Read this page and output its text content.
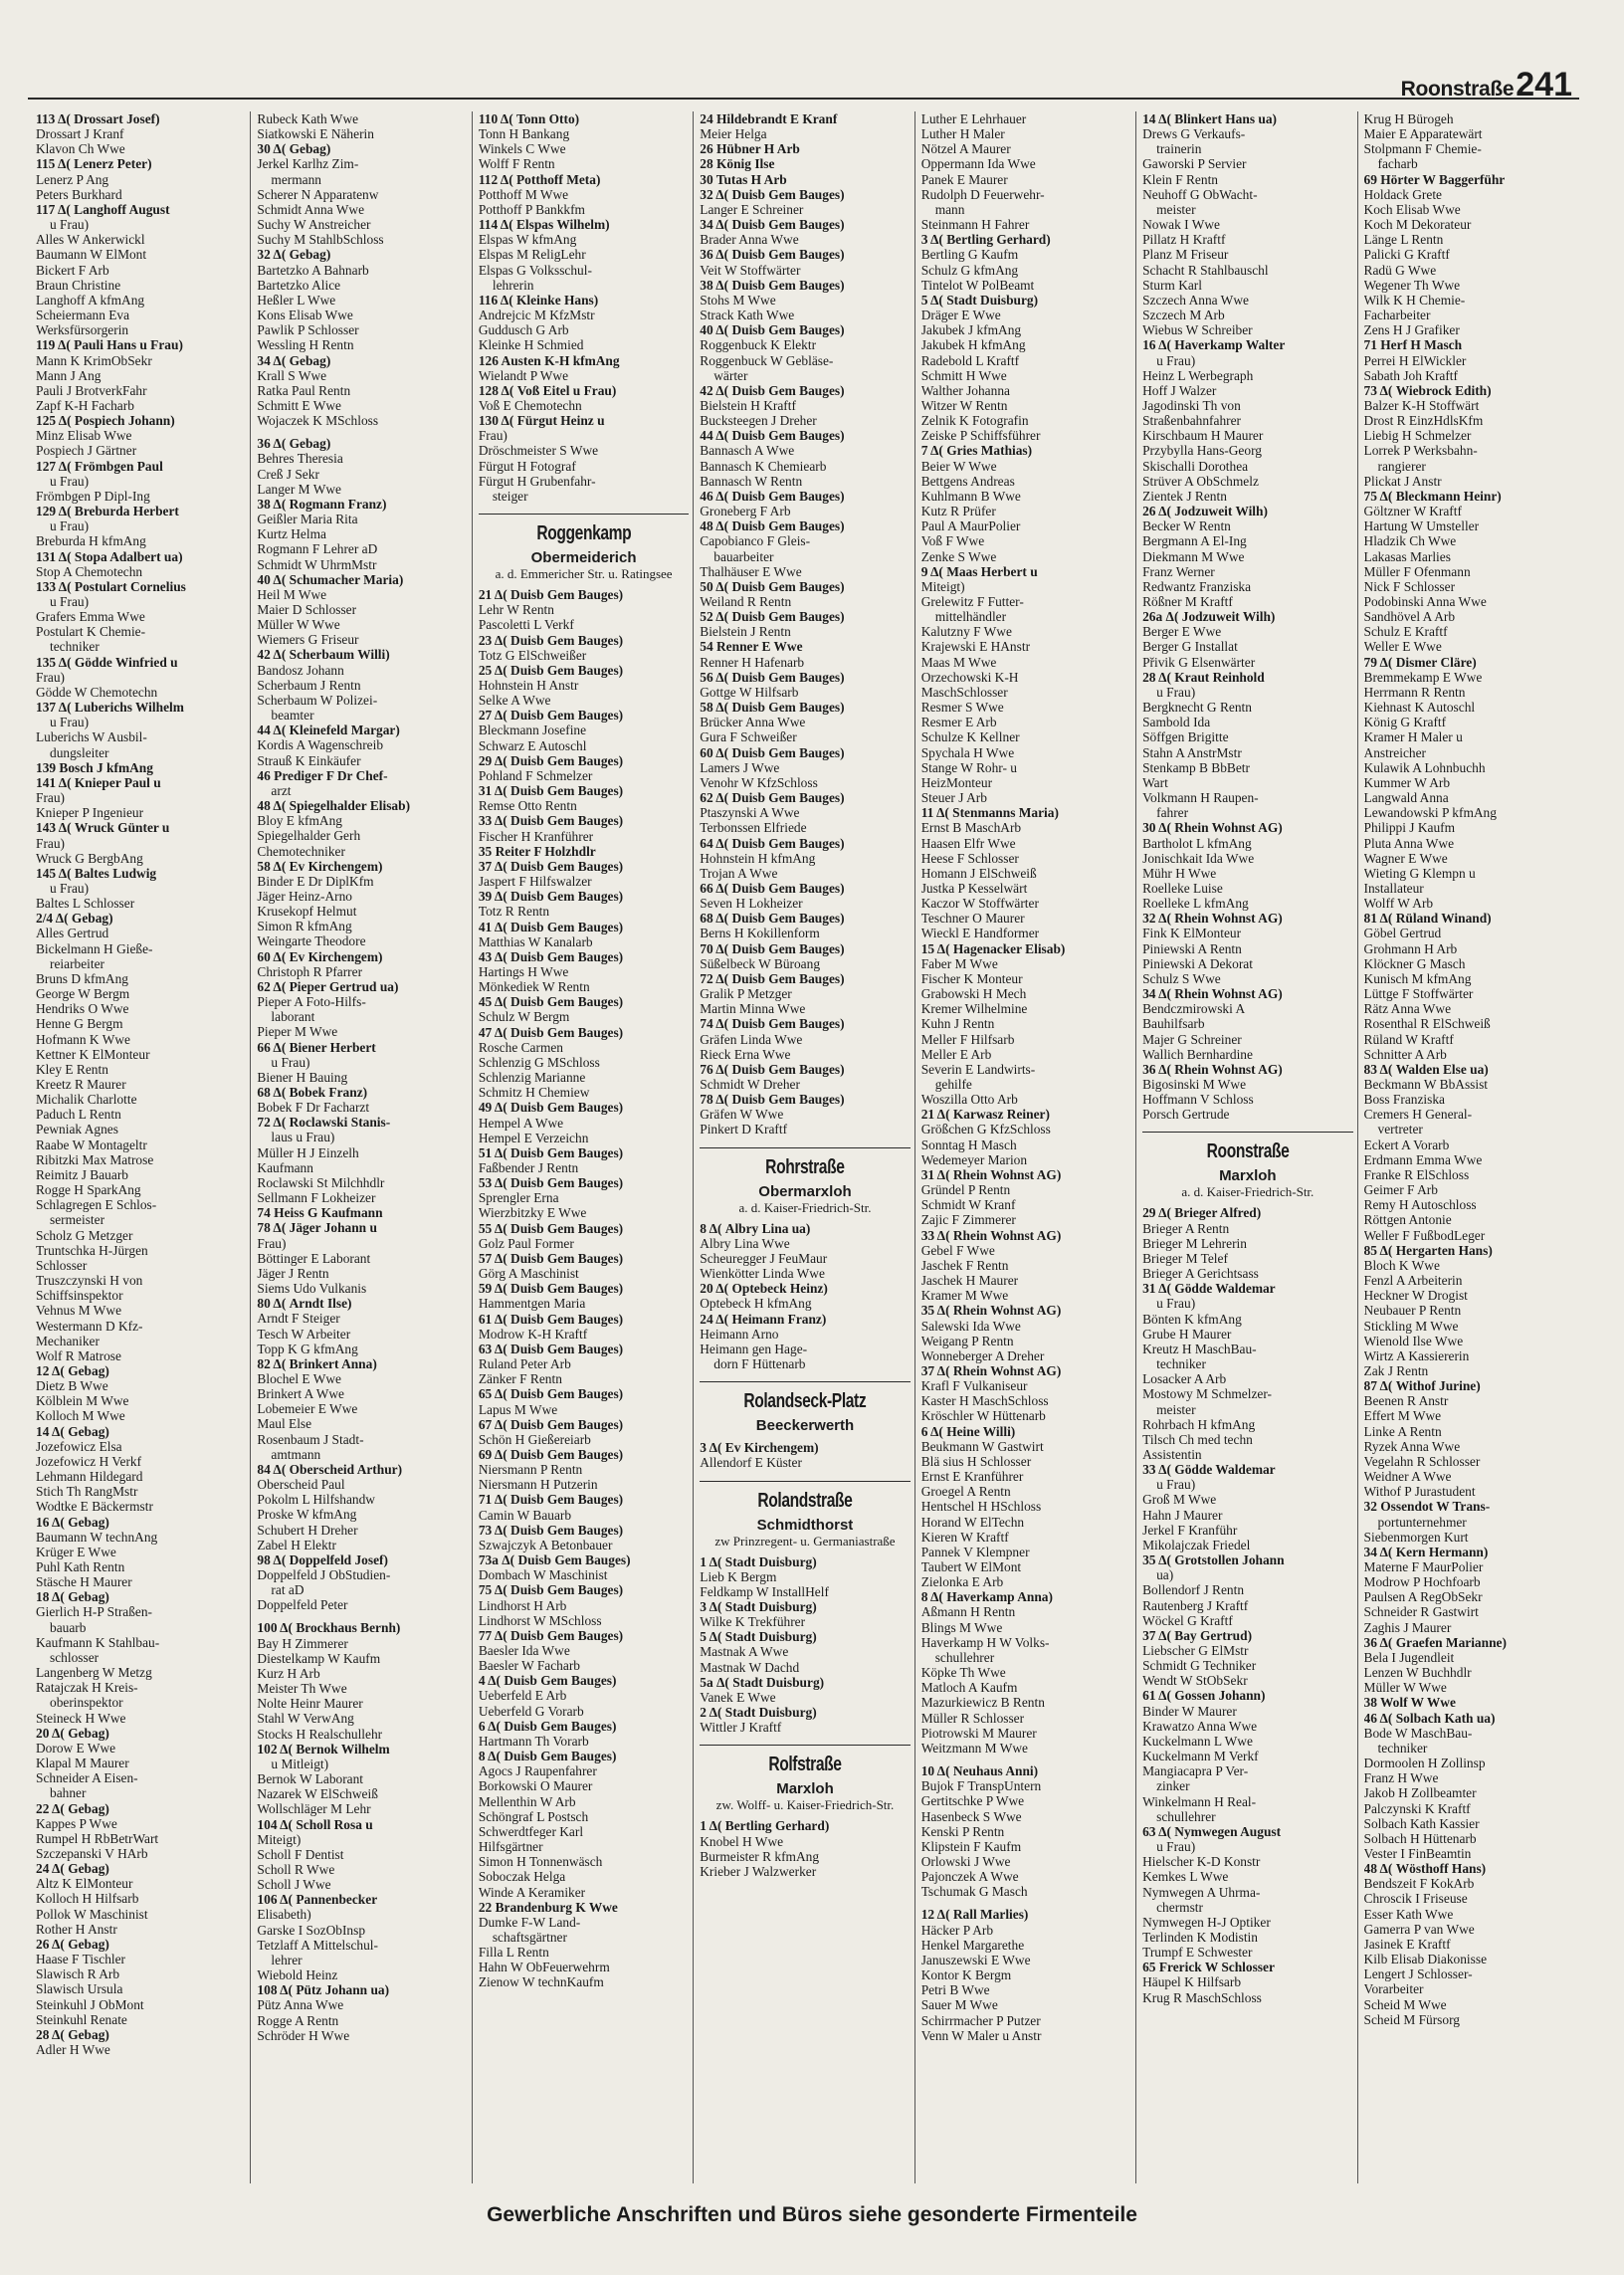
Roonstraße241
113 Δ( Drossart Josef)
Drossart J Kranf
Klavon Ch Wwe
115 Δ( Lenerz Peter)
Lenerz P Ang
Peters Burkhard
117 Δ( Langhoff August
u Frau)
Alles W Ankerwickl
Baumann W ElMont
Bickert F Arb
Braun Christine
Langhoff A kfmAng
Scheiermann Eva
Werksfürsorgerin
119 Δ( Pauli Hans u Frau)
Mann K KrimObSekr
Mann J Ang
Pauli J BrotverkFahr
Zapf K-H Facharb
125 Δ( Pospiech Johann)
Minz Elisab Wwe
Pospiech J Gärtner
127 Δ( Frömbgen Paul
u Frau)
Frömbgen P Dipl-Ing
129 Δ( Breburda Herbert
u Frau)
Breburda H kfmAng
131 Δ( Stopa Adalbert ua)
Stop A Chemotechn
133 Δ( Postulart Cornelius
u Frau)
Grafers Emma Wwe
Postulart K Chemie-
techniker
135 Δ( Gödde Winfried u
Frau)
Gödde W Chemotechn
137 Δ( Luberichs Wilhelm
u Frau)
Luberichs W Ausbil-
dungsleiter
139 Bosch J kfmAng
141 Δ( Knieper Paul u
Frau)
Knieper P Ingenieur
143 Δ( Wruck Günter u
Frau)
Wruck G BergbAng
145 Δ( Baltes Ludwig
u Frau)
Baltes L Schlosser
2/4 Δ( Gebag)
Alles Gertrud
Bickelmann H Gieße-
reiarbeiter
Bruns D kfmAng
George W Bergm
Hendriks O Wwe
Henne G Bergm
Hofmann K Wwe
Kettner K ElMonteur
Kley E Rentn
Kreetz R Maurer
Michalik Charlotte
Paduch L Rentn
Pewniak Agnes
Raabe W Montageltr
Ribitzki Max Matrose
Reimitz J Bauarb
Rogge H SparkAng
Schlagregen E Schlos-
sermeister
Scholz G Metzger
Truntschka H-Jürgen
Schlosser
Truszczynski H von
Schiffsinspektor
Vehnus M Wwe
Westermann D Kfz-
Mechaniker
Wolf R Matrose
12 Δ( Gebag)
Dietz B Wwe
Kölblein M Wwe
Kolloch M Wwe
14 Δ( Gebag)
Jozefowicz Elsa
Jozefowicz H Verkf
Lehmann Hildegard
Stich Th RangMstr
Wodtke E Bäckermstr
16 Δ( Gebag)
Baumann W technAng
Krüger E Wwe
Puhl Kath Rentn
Stäsche H Maurer
18 Δ( Gebag)
Gierlich H-P Straßen-
bauarb
Kaufmann K Stahlbau-
schlosser
Langenberg W Metzg
Ratajczak H Kreis-
oberinspektor
Steineck H Wwe
20 Δ( Gebag)
Dorow E Wwe
Klapal M Maurer
Schneider A Eisen-
bahner
22 Δ( Gebag)
Kappes P Wwe
Rumpel H RbBetrWart
Szczepanski V HArb
24 Δ( Gebag)
Altz K ElMonteur
Kolloch H Hilfsarb
Pollok W Maschinist
Rother H Anstr
26 Δ( Gebag)
Haase F Tischler
Slawisch R Arb
Slawisch Ursula
Steinkuhl J ObMont
Steinkuhl Renate
28 Δ( Gebag)
Adler H Wwe
Rubeck Kath Wwe
Siatkowski E Näherin
30 Δ( Gebag)
Jerkel Karlhz Zim-
mermann
Scherer N Apparatenw
Schmidt Anna Wwe
Suchy W Anstreicher
Suchy M StahlbSchloss
32 Δ( Gebag)
Bartetzko A Bahnarb
Bartetzko Alice
Heßler L Wwe
Kons Elisab Wwe
Pawlik P Schlosser
Wessling H Rentn
34 Δ( Gebag)
Krall S Wwe
Ratka Paul Rentn
Schmitt E Wwe
Wojaczek K MSchloss
36 Δ( Gebag)
Behres Theresia
Creß J Sekr
Langer M Wwe
38 Δ( Rogmann Franz)
Geißler Maria Rita
Kurtz Helma
Rogmann F Lehrer aD
Schmidt W UhrmMstr
40 Δ( Schumacher Maria)
Heil M Wwe
Maier D Schlosser
Müller W Wwe
Wiemers G Friseur
42 Δ( Scherbaum Willi)
Bandosz Johann
Scherbaum J Rentn
Scherbaum W Polizei-
beamter
44 Δ( Kleinefeld Margar)
Kordis A Wagenschreib
Strauß K Einkäufer
46 Prediger F Dr Chef-
arzt
48 Δ( Spiegelhalder Elisab)
Bloy E kfmAng
Spiegelhalder Gerh
Chemotechniker
58 Δ( Ev Kirchengem)
Binder E Dr DiplKfm
Jäger Heinz-Arno
Krusekopf Helmut
Simon R kfmAng
Weingarte Theodore
60 Δ( Ev Kirchengem)
Christoph R Pfarrer
62 Δ( Pieper Gertrud ua)
Pieper A Foto-Hilfs-
laborant
Pieper M Wwe
66 Δ( Biener Herbert
u Frau)
Biener H Bauing
68 Δ( Bobek Franz)
Bobek F Dr Facharzt
72 Δ( Roclawski Stanis-
laus u Frau)
Müller H J Einzelh
Kaufmann
Roclawski St Milchhdlr
Sellmann F Lokheizer
74 Heiss G Kaufmann
78 Δ( Jäger Johann u
Frau)
Böttinger E Laborant
Jäger J Rentn
Siems Udo Vulkanis
80 Δ( Arndt Ilse)
Arndt F Steiger
Tesch W Arbeiter
Topp K G kfmAng
82 Δ( Brinkert Anna)
Blochel E Wwe
Brinkert A Wwe
Lobemeier E Wwe
Maul Else
Rosenbaum J Stadt-
amtmann
84 Δ( Oberscheid Arthur)
Oberscheid Paul
Pokolm L Hilfshandw
Proske W kfmAng
Schubert H Dreher
Zabel H Elektr
98 Δ( Doppelfeld Josef)
Doppelfeld J ObStudien-
rat aD
Doppelfeld Peter
100 Δ( Brockhaus Bernh)
Bay H Zimmerer
Diestelkamp W Kaufm
Kurz H Arb
Meister Th Wwe
Nolte Heinr Maurer
Stahl W VerwAng
Stocks H Realschullehr
102 Δ( Bernok Wilhelm
u Mitleigt)
Bernok W Laborant
Nazarek W ElSchweiß
Wollschläger M Lehr
104 Δ( Scholl Rosa u
Miteigt)
Scholl F Dentist
Scholl R Wwe
Scholl J Wwe
106 Δ( Pannenbecker
Elisabeth)
Garske I SozObInsp
Tetzlaff A Mittelschul-
lehrer
Wiebold Heinz
108 Δ( Pütz Johann ua)
Pütz Anna Wwe
Rogge A Rentn
Schröder H Wwe
110 Δ( Tonn Otto)
Tonn H Bankang
Winkels C Wwe
Wolff F Rentn
112 Δ( Potthoff Meta)
Potthoff M Wwe
Potthoff P Bankkfm
114 Δ( Elspas Wilhelm)
Elspas W kfmAng
Elspas M ReligLehr
Elspas G Volksschul-
lehrerin
116 Δ( Kleinke Hans)
Andrejcic M KfzMstr
Guddusch G Arb
Kleinke H Schmied
126 Austen K-H kfmAng
Wielandt P Wwe
128 Δ( Voß Eitel u Frau)
Voß E Chemotechn
130 Δ( Fürgut Heinz u
Frau)
Dröschmeister S Wwe
Fürgut H Fotograf
Fürgut H Grubenfahr-
steiger
Roggenkamp
Obermeiderich
a. d. Emmericher Str. u. Ratingsee
21 Δ( Duisb Gem Bauges)
Lehr W Rentn
Pascoletti L Verkf
23 Δ( Duisb Gem Bauges)
Totz G ElSchweißer
25 Δ( Duisb Gem Bauges)
Hohnstein H Anstr
Selke A Wwe
27 Δ( Duisb Gem Bauges)
Bleckmann Josefine
Schwarz E Autoschl
29 Δ( Duisb Gem Bauges)
Pohland F Schmelzer
31 Δ( Duisb Gem Bauges)
Remse Otto Rentn
33 Δ( Duisb Gem Bauges)
Fischer H Kranführer
35 Reiter F Holzhdlr
37 Δ( Duisb Gem Bauges)
Jaspert F Hilfswalzer
39 Δ( Duisb Gem Bauges)
Totz R Rentn
41 Δ( Duisb Gem Bauges)
Matthias W Kanalarb
43 Δ( Duisb Gem Bauges)
Hartings H Wwe
Mönkediek W Rentn
45 Δ( Duisb Gem Bauges)
Schulz W Bergm
47 Δ( Duisb Gem Bauges)
Rosche Carmen
Schlenzig G MSchloss
Schlenzig Marianne
Schmitz H Chemiew
49 Δ( Duisb Gem Bauges)
Hempel A Wwe
Hempel E Verzeichn
51 Δ( Duisb Gem Bauges)
Faßbender J Rentn
53 Δ( Duisb Gem Bauges)
Sprengler Erna
Wierzbitzky E Wwe
55 Δ( Duisb Gem Bauges)
Golz Paul Former
57 Δ( Duisb Gem Bauges)
Görg A Maschinist
59 Δ( Duisb Gem Bauges)
Hammentgen Maria
61 Δ( Duisb Gem Bauges)
Modrow K-H Kraftf
63 Δ( Duisb Gem Bauges)
Ruland Peter Arb
Zänker F Rentn
65 Δ( Duisb Gem Bauges)
Lapus M Wwe
67 Δ( Duisb Gem Bauges)
Schön H Gießereiarb
69 Δ( Duisb Gem Bauges)
Niersmann P Rentn
Niersmann H Putzerin
71 Δ( Duisb Gem Bauges)
Camin W Bauarb
73 Δ( Duisb Gem Bauges)
Szwajczyk A Betonbauer
73a Δ( Duisb Gem Bauges)
Dombach W Maschinist
75 Δ( Duisb Gem Bauges)
Lindhorst H Arb
Lindhorst W MSchloss
77 Δ( Duisb Gem Bauges)
Baesler Ida Wwe
Baesler W Facharb
4 Δ( Duisb Gem Bauges)
Ueberfeld E Arb
Ueberfeld G Vorarb
6 Δ( Duisb Gem Bauges)
Hartmann Th Vorarb
8 Δ( Duisb Gem Bauges)
Agocs J Raupenfahrer
Borkowski O Maurer
Mellenthin W Arb
Schöngraf L Postsch
Schwerdtfeger Karl
Hilfsgärtner
Simon H Tonnenwäsch
Soboczak Helga
Winde A Keramiker
22 Brandenburg K Wwe
Dumke F-W Land-
schaftsgärtner
Filla L Rentn
Hahn W ObFeuerwehrm
Zienow W technKaufm
24 Hildebrandt E Kranf
Meier Helga
26 Hübner H Arb
28 König Ilse
30 Tutas H Arb
32 Δ( Duisb Gem Bauges)
Langer E Schreiner
34 Δ( Duisb Gem Bauges)
Brader Anna Wwe
36 Δ( Duisb Gem Bauges)
Veit W Stoffwärter
38 Δ( Duisb Gem Bauges)
Stohs M Wwe
Strack Kath Wwe
40 Δ( Duisb Gem Bauges)
Roggenbuck K Elektr
Roggenbuck W Gebläse-
wärter
42 Δ( Duisb Gem Bauges)
Bielstein H Kraftf
Bucksteegen J Dreher
44 Δ( Duisb Gem Bauges)
Bannasch A Wwe
Bannasch K Chemiearb
Bannasch W Rentn
46 Δ( Duisb Gem Bauges)
Groneberg F Arb
48 Δ( Duisb Gem Bauges)
Capobianco F Gleis-
bauarbeiter
Thalhäuser E Wwe
50 Δ( Duisb Gem Bauges)
Weiland R Rentn
52 Δ( Duisb Gem Bauges)
Bielstein J Rentn
54 Renner E Wwe
Renner H Hafenarb
56 Δ( Duisb Gem Bauges)
Gottge W Hilfsarb
58 Δ( Duisb Gem Bauges)
Brücker Anna Wwe
Gura F Schweißer
60 Δ( Duisb Gem Bauges)
Lamers J Wwe
Venohr W KfzSchloss
62 Δ( Duisb Gem Bauges)
Ptaszynski A Wwe
Terbonssen Elfriede
64 Δ( Duisb Gem Bauges)
Hohnstein H kfmAng
Trojan A Wwe
66 Δ( Duisb Gem Bauges)
Seven H Lokheizer
68 Δ( Duisb Gem Bauges)
Berns H Kokillenform
70 Δ( Duisb Gem Bauges)
Süßelbeck W Büroang
72 Δ( Duisb Gem Bauges)
Gralik P Metzger
Martin Minna Wwe
74 Δ( Duisb Gem Bauges)
Gräfen Linda Wwe
Rieck Erna Wwe
76 Δ( Duisb Gem Bauges)
Schmidt W Dreher
78 Δ( Duisb Gem Bauges)
Gräfen W Wwe
Pinkert D Kraftf
Rohrstraße
Obermarxloh
a. d. Kaiser-Friedrich-Str.
8 Δ( Albry Lina ua)
Albry Lina Wwe
Scheuregger J FeuMaur
Wienkötter Linda Wwe
20 Δ( Optebeck Heinz)
Optebeck H kfmAng
24 Δ( Heimann Franz)
Heimann Arno
Heimann gen Hage-
dorn F Hüttenarb
Rolandseck-Platz
Beeckerwerth
3 Δ( Ev Kirchengem)
Allendorf E Küster
Rolandstraße
Schmidthorst
zw Prinzregent- u. Germaniastraße
1 Δ( Stadt Duisburg)
Lieb K Bergm
Feldkamp W InstallHelf
3 Δ( Stadt Duisburg)
Wilke K Trekführer
5 Δ( Stadt Duisburg)
Mastnak A Wwe
Mastnak W Dachd
5a Δ( Stadt Duisburg)
Vanek E Wwe
2 Δ( Stadt Duisburg)
Wittler J Kraftf
Rolfstraße
Marxloh
zw. Wolff- u. Kaiser-Friedrich-Str.
1 Δ( Bertling Gerhard)
Knobel H Wwe
Burmeister R kfmAng
Krieber J Walzwerker
Luther E Lehrhauer
Luther H Maler
Nötzel A Maurer
Oppermann Ida Wwe
Panek E Maurer
Rudolph D Feuerwehr-
mann
Steinmann H Fahrer
3 Δ( Bertling Gerhard)
Bertling G Kaufm
Schulz G kfmAng
Tintelot W PolBeamt
5 Δ( Stadt Duisburg)
Dräger E Wwe
Jakubek J kfmAng
Jakubek H kfmAng
Radebold L Kraftf
Schmitt H Wwe
Walther Johanna
Witzer W Rentn
Zelnik K Fotografin
Zeiske P Schiffsführer
7 Δ( Gries Mathias)
Beier W Wwe
Bettgens Andreas
Kuhlmann B Wwe
Kutz R Prüfer
Paul A MaurPolier
Voß F Wwe
Zenke S Wwe
9 Δ( Maas Herbert u
Miteigt)
Grelewitz F Futter-
mittelhändler
Kalutzny F Wwe
Krajewski E HAnstr
Maas M Wwe
Orzechowski K-H
MaschSchlosser
Resmer S Wwe
Resmer E Arb
Schulze K Kellner
Spychala H Wwe
Stange W Rohr- u
HeizMonteur
Steuer J Arb
11 Δ( Stenmanns Maria)
Ernst B MaschArb
Haasen Elfr Wwe
Heese F Schlosser
Homann J ElSchweiß
Justka P Kesselwärt
Kaczor W Stoffwärter
Teschner O Maurer
Wieckl E Handformer
15 Δ( Hagenacker Elisab)
Faber M Wwe
Fischer K Monteur
Grabowski H Mech
Kremer Wilhelmine
Kuhn J Rentn
Meller F Hilfsarb
Meller E Arb
Severin E Landwirts-
gehilfe
Woszilla Otto Arb
21 Δ( Karwasz Reiner)
Größchen G KfzSchloss
Sonntag H Masch
Wedemeyer Marion
31 Δ( Rhein Wohnst AG)
Gründel P Rentn
Schmidt W Kranf
Zajic F Zimmerer
33 Δ( Rhein Wohnst AG)
Gebel F Wwe
Jaschek F Rentn
Jaschek H Maurer
Kramer M Wwe
35 Δ( Rhein Wohnst AG)
Salewski Ida Wwe
Weigang P Rentn
Wonneberger A Dreher
37 Δ( Rhein Wohnst AG)
Krafl F Vulkaniseur
Kaster H MaschSchloss
Kröschler W Hüttenarb
6 Δ( Heine Willi)
Beukmann W Gastwirt
Blä sius H Schlosser
Ernst E Kranführer
Groegel A Rentn
Hentschel H HSchloss
Horand W ElTechn
Kieren W Kraftf
Pannek V Klempner
Taubert W ElMont
Zielonka E Arb
8 Δ( Haverkamp Anna)
Aßmann H Rentn
Blings M Wwe
Haverkamp H W Volks-
schullehrer
Köpke Th Wwe
Matloch A Kaufm
Mazurkiewicz B Rentn
Müller R Schlosser
Piotrowski M Maurer
Weitzmann M Wwe
10 Δ( Neuhaus Anni)
Bujok F TranspUntern
Gertitschke P Wwe
Hasenbeck S Wwe
Kenski P Rentn
Klipstein F Kaufm
Orlowski J Wwe
Pajonczek A Wwe
Tschumak G Masch
12 Δ( Rall Marlies)
Häcker P Arb
Henkel Margarethe
Januszewski E Wwe
Kontor K Bergm
Petri B Wwe
Sauer M Wwe
Schirrmacher P Putzer
Venn W Maler u Anstr
14 Δ( Blinkert Hans ua)
Drews G Verkaufs-
trainerin
Gaworski P Servier
Klein F Rentn
Neuhoff G ObWacht-
meister
Nowak I Wwe
Pillatz H Kraftf
Planz M Friseur
Schacht R Stahlbauschl
Sturm Karl
Szczech Anna Wwe
Szczech M Arb
Wiebus W Schreiber
16 Δ( Haverkamp Walter
u Frau)
Heinz L Werbegraph
Hoff J Walzer
Jagodinski Th von
Straßenbahnfahrer
Kirschbaum H Maurer
Przybylla Hans-Georg
Skischalli Dorothea
Strüver A ObSchmelz
Zientek J Rentn
26 Δ( Jodzuweit Wilh)
Becker W Rentn
Bergmann A El-Ing
Diekmann M Wwe
Franz Werner
Redwantz Franziska
Rößner M Kraftf
26a Δ( Jodzuweit Wilh)
Berger E Wwe
Berger G Installat
Přivik G Elsenwärter
28 Δ( Kraut Reinhold
u Frau)
Bergknecht G Rentn
Sambold Ida
Söffgen Brigitte
Stahn A AnstrMstr
Stenkamp B BbBetr
Wart
Volkmann H Raupen-
fahrer
30 Δ( Rhein Wohnst AG)
Bartholot L kfmAng
Jonischkait Ida Wwe
Mühr H Wwe
Roelleke Luise
Roelleke L kfmAng
32 Δ( Rhein Wohnst AG)
Fink K ElMonteur
Piniewski A Rentn
Piniewski A Dekorat
Schulz S Wwe
34 Δ( Rhein Wohnst AG)
Bendczmirowski A
Bauhilfsarb
Majer G Schreiner
Wallich Bernhardine
36 Δ( Rhein Wohnst AG)
Bigosinski M Wwe
Hoffmann V Schloss
Porsch Gertrude
Roonstraße
Marxloh
a. d. Kaiser-Friedrich-Str.
29 Δ( Brieger Alfred)
Brieger A Rentn
Brieger M Lehrerin
Brieger M Telef
Brieger A Gerichtsass
31 Δ( Gödde Waldemar
u Frau)
Bönten K kfmAng
Grube H Maurer
Kreutz H MaschBau-
techniker
Losacker A Arb
Mostowy M Schmelzer-
meister
Rohrbach H kfmAng
Tilsch Ch med techn
Assistentin
33 Δ( Gödde Waldemar
u Frau)
Groß M Wwe
Hahn J Maurer
Jerkel F Kranführ
Mikolajczak Friedel
35 Δ( Grotstollen Johann
ua)
Bollendorf J Rentn
Rautenberg J Kraftf
Wöckel G Kraftf
37 Δ( Bay Gertrud)
Liebscher G ElMstr
Schmidt G Techniker
Wendt W StObSekr
61 Δ( Gossen Johann)
Binder W Maurer
Krawatzo Anna Wwe
Kuckelmann L Wwe
Kuckelmann M Verkf
Mangiacapra P Ver-
zinker
Winkelmann H Real-
schullehrer
63 Δ( Nymwegen August
u Frau)
Hielscher K-D Konstr
Kemkes L Wwe
Nymwegen A Uhrma-
chermstr
Nymwegen H-J Optiker
Terlinden K Modistin
Trumpf E Schwester
65 Frerick W Schlosser
Häupel K Hilfsarb
Krug R MaschSchloss
Krug H Bürogeh
Maier E Apparatewärt
Stolpmann F Chemie-
facharb
69 Hörter W Baggerführ
Holdack Grete
Koch Elisab Wwe
Koch M Dekorateur
Länge L Rentn
Palicki G Kraftf
Radü G Wwe
Wegener Th Wwe
Wilk K H Chemie-
Facharbeiter
Zens H J Grafiker
71 Herf H Masch
Perrei H ElWickler
Sabath Joh Kraftf
73 Δ( Wiebrock Edith)
Balzer K-H Stoffwärt
Drost R EinzHdlsKfm
Liebig H Schmelzer
Lorrek P Werksbahn-
rangierer
Plickat J Anstr
75 Δ( Bleckmann Heinr)
Göltzner W Kraftf
Hartung W Umsteller
Hladzik Ch Wwe
Lakasas Marlies
Müller F Ofenmann
Nick F Schlosser
Podobinski Anna Wwe
Sandhövel A Arb
Schulz E Kraftf
Weller E Wwe
79 Δ( Dismer Cläre)
Bremmekamp E Wwe
Herrmann R Rentn
Kiehnast K Autoschl
König G Kraftf
Kramer H Maler u
Anstreicher
Kulawik A Lohnbuchh
Kummer W Arb
Langwald Anna
Lewandowski P kfmAng
Philippi J Kaufm
Pluta Anna Wwe
Wagner E Wwe
Wieting G Klempn u
Installateur
Wolff W Arb
81 Δ( Rüland Winand)
Göbel Gertrud
Grohmann H Arb
Klöckner G Masch
Kunisch M kfmAng
Lüttge F Stoffwärter
Rätz Anna Wwe
Rosenthal R ElSchweiß
Rüland W Kraftf
Schnitter A Arb
83 Δ( Walden Else ua)
Beckmann W BbAssist
Boss Franziska
Cremers H General-
vertreter
Eckert A Vorarb
Erdmann Emma Wwe
Franke R ElSchloss
Geimer F Arb
Remy H Autoschloss
Röttgen Antonie
Weller F FußbodLeger
85 Δ( Hergarten Hans)
Bloch K Wwe
Fenzl A Arbeiterin
Heckner W Drogist
Neubauer P Rentn
Stickling M Wwe
Wienold Ilse Wwe
Wirtz A Kassiererin
Zak J Rentn
87 Δ( Withof Jurine)
Beenen R Anstr
Effert M Wwe
Linke A Rentn
Ryzek Anna Wwe
Vegelahn R Schlosser
Weidner A Wwe
Withof P Jurastudent
32 Ossendot W Trans-
portunternehmer
Siebenmorgen Kurt
34 Δ( Kern Hermann)
Materne F MaurPolier
Modrow P Hochfoarb
Paulsen A RegObSekr
Schneider R Gastwirt
Zaghis J Maurer
36 Δ( Graefen Marianne)
Bela I Jugendleit
Lenzen W Buchhdlr
Müller W Wwe
38 Wolf W Wwe
46 Δ( Solbach Kath ua)
Bode W MaschBau-
techniker
Dormoolen H Zollinsp
Franz H Wwe
Jakob H Zollbeamter
Palczynski K Kraftf
Solbach Kath Kassier
Solbach H Hüttenarb
Vester I FinBeamtin
48 Δ( Wösthoff Hans)
Bendszeit F KokArb
Chroscik I Friseuse
Esser Kath Wwe
Gamerra P van Wwe
Jasinek E Kraftf
Kilb Elisab Diakonisse
Lengert J Schlosser-
Vorarbeiter
Scheid M Wwe
Scheid M Fürsorg
Gewerbliche Anschriften und Büros siehe gesonderte Firmenteile
